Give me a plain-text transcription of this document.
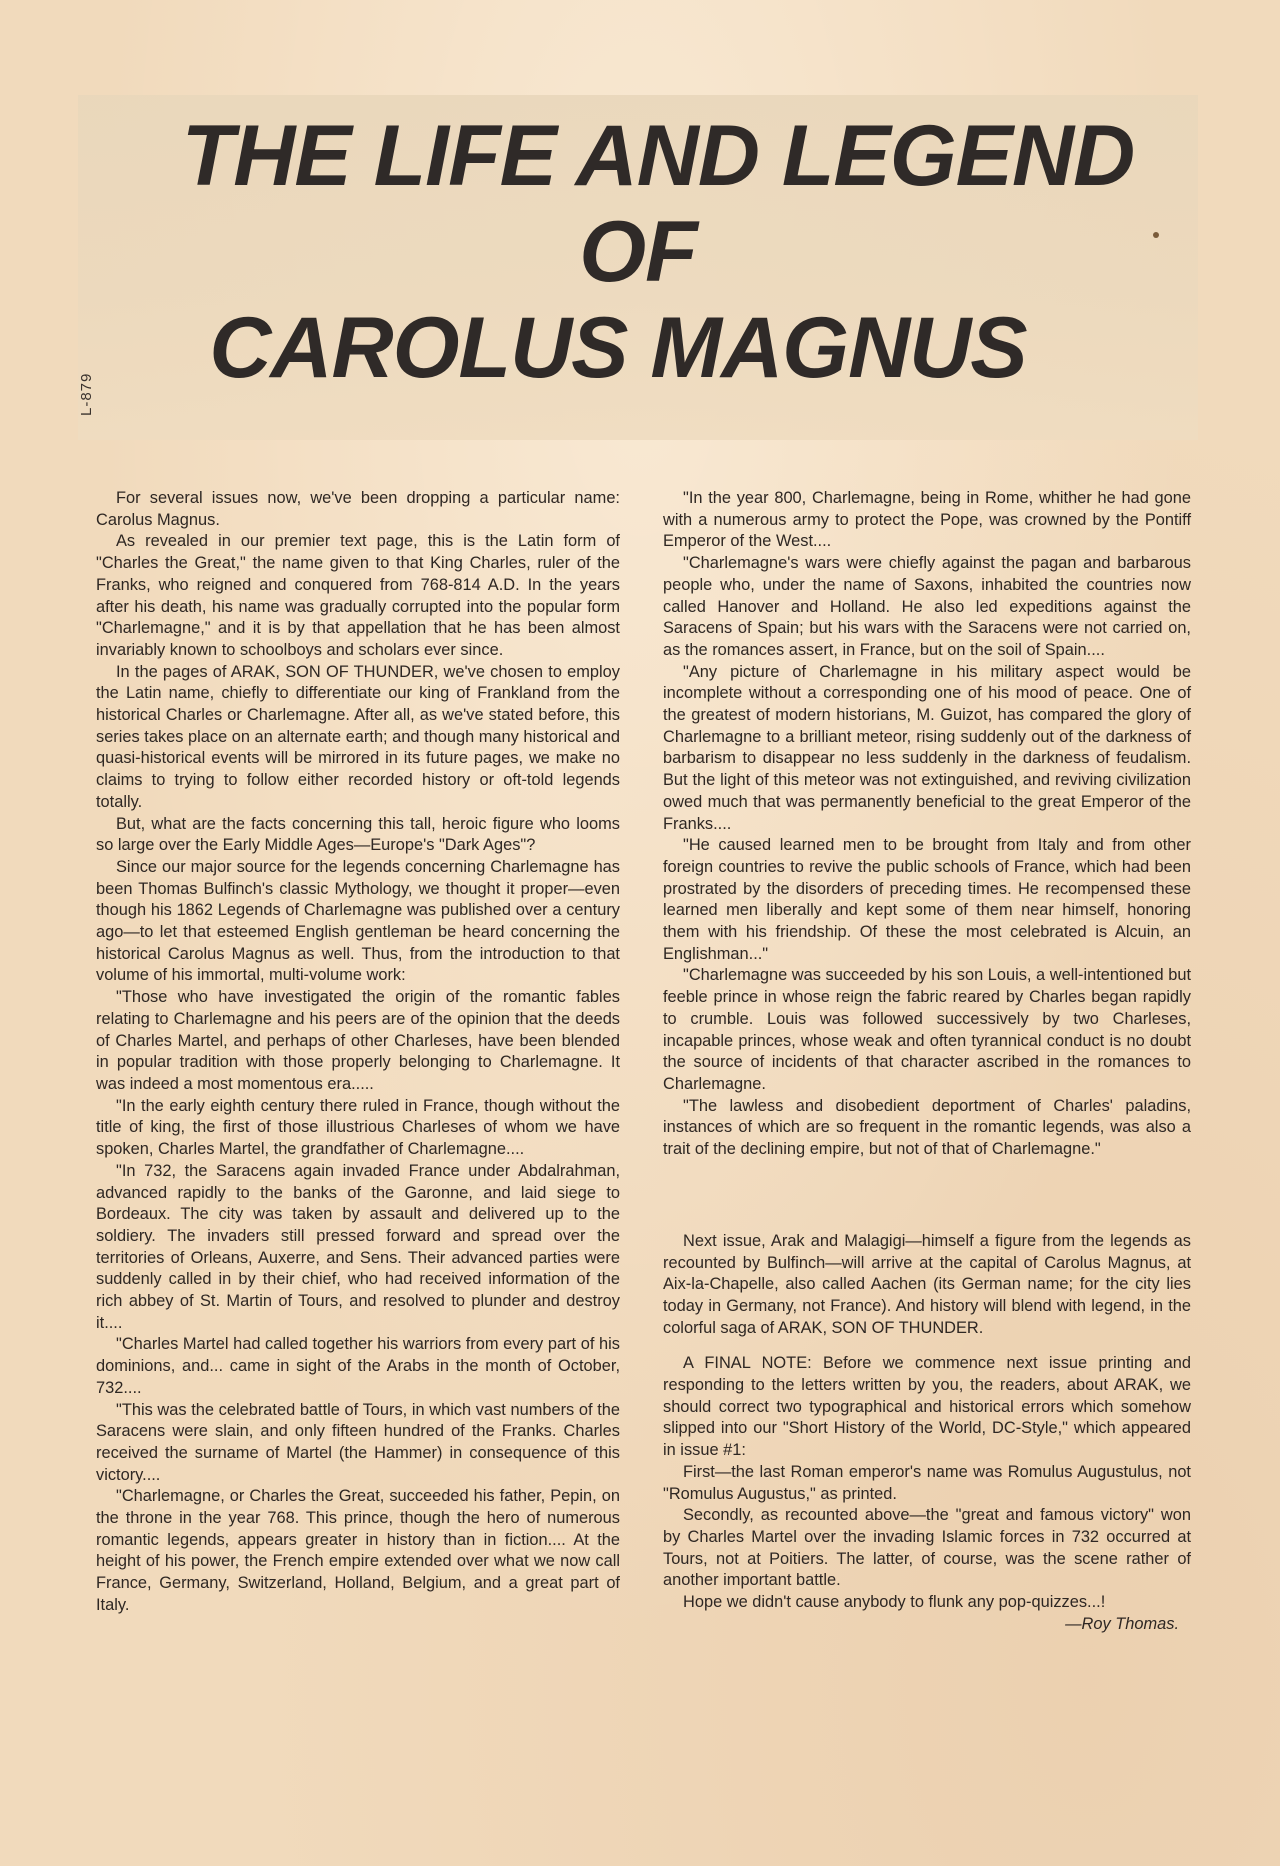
THE LIFE AND LEGEND
OF
CAROLUS MAGNUS
L-879

For several issues now, we've been dropping a particular name: Carolus Magnus.

As revealed in our premier text page, this is the Latin form of "Charles the Great," the name given to that King Charles, ruler of the Franks, who reigned and conquered from 768-814 A.D. In the years after his death, his name was gradually corrupted into the popular form "Charlemagne," and it is by that appellation that he has been almost invariably known to schoolboys and scholars ever since.

In the pages of ARAK, SON OF THUNDER, we've chosen to employ the Latin name, chiefly to differentiate our king of Frankland from the historical Charles or Charlemagne. After all, as we've stated before, this series takes place on an alternate earth; and though many historical and quasi-historical events will be mirrored in its future pages, we make no claims to trying to follow either recorded history or oft-told legends totally.

But, what are the facts concerning this tall, heroic figure who looms so large over the Early Middle Ages—Europe's "Dark Ages"?

Since our major source for the legends concerning Charlemagne has been Thomas Bulfinch's classic Mythology, we thought it proper—even though his 1862 Legends of Charlemagne was published over a century ago—to let that esteemed English gentleman be heard concerning the historical Carolus Magnus as well. Thus, from the introduction to that volume of his immortal, multi-volume work:

"Those who have investigated the origin of the romantic fables relating to Charlemagne and his peers are of the opinion that the deeds of Charles Martel, and perhaps of other Charleses, have been blended in popular tradition with those properly belonging to Charlemagne. It was indeed a most momentous era.....

"In the early eighth century there ruled in France, though without the title of king, the first of those illustrious Charleses of whom we have spoken, Charles Martel, the grandfather of Charlemagne....

"In 732, the Saracens again invaded France under Abdalrahman, advanced rapidly to the banks of the Garonne, and laid siege to Bordeaux. The city was taken by assault and delivered up to the soldiery. The invaders still pressed forward and spread over the territories of Orleans, Auxerre, and Sens. Their advanced parties were suddenly called in by their chief, who had received information of the rich abbey of St. Martin of Tours, and resolved to plunder and destroy it....

"Charles Martel had called together his warriors from every part of his dominions, and... came in sight of the Arabs in the month of October, 732....

"This was the celebrated battle of Tours, in which vast numbers of the Saracens were slain, and only fifteen hundred of the Franks. Charles received the surname of Martel (the Hammer) in consequence of this victory....

"Charlemagne, or Charles the Great, succeeded his father, Pepin, on the throne in the year 768. This prince, though the hero of numerous romantic legends, appears greater in history than in fiction.... At the height of his power, the French empire extended over what we now call France, Germany, Switzerland, Holland, Belgium, and a great part of Italy.

"In the year 800, Charlemagne, being in Rome, whither he had gone with a numerous army to protect the Pope, was crowned by the Pontiff Emperor of the West....

"Charlemagne's wars were chiefly against the pagan and barbarous people who, under the name of Saxons, inhabited the countries now called Hanover and Holland. He also led expeditions against the Saracens of Spain; but his wars with the Saracens were not carried on, as the romances assert, in France, but on the soil of Spain....

"Any picture of Charlemagne in his military aspect would be incomplete without a corresponding one of his mood of peace. One of the greatest of modern historians, M. Guizot, has compared the glory of Charlemagne to a brilliant meteor, rising suddenly out of the darkness of barbarism to disappear no less suddenly in the darkness of feudalism. But the light of this meteor was not extinguished, and reviving civilization owed much that was permanently beneficial to the great Emperor of the Franks....

"He caused learned men to be brought from Italy and from other foreign countries to revive the public schools of France, which had been prostrated by the disorders of preceding times. He recompensed these learned men liberally and kept some of them near himself, honoring them with his friendship. Of these the most celebrated is Alcuin, an Englishman..."

"Charlemagne was succeeded by his son Louis, a well-intentioned but feeble prince in whose reign the fabric reared by Charles began rapidly to crumble. Louis was followed successively by two Charleses, incapable princes, whose weak and often tyrannical conduct is no doubt the source of incidents of that character ascribed in the romances to Charlemagne.

"The lawless and disobedient deportment of Charles' paladins, instances of which are so frequent in the romantic legends, was also a trait of the declining empire, but not of that of Charlemagne."

Next issue, Arak and Malagigi—himself a figure from the legends as recounted by Bulfinch—will arrive at the capital of Carolus Magnus, at Aix-la-Chapelle, also called Aachen (its German name; for the city lies today in Germany, not France). And history will blend with legend, in the colorful saga of ARAK, SON OF THUNDER.

A FINAL NOTE: Before we commence next issue printing and responding to the letters written by you, the readers, about ARAK, we should correct two typographical and historical errors which somehow slipped into our "Short History of the World, DC-Style," which appeared in issue #1:

First—the last Roman emperor's name was Romulus Augustulus, not "Romulus Augustus," as printed.

Secondly, as recounted above—the "great and famous victory" won by Charles Martel over the invading Islamic forces in 732 occurred at Tours, not at Poitiers. The latter, of course, was the scene rather of another important battle.

Hope we didn't cause anybody to flunk any pop-quizzes...!

—Roy Thomas.
